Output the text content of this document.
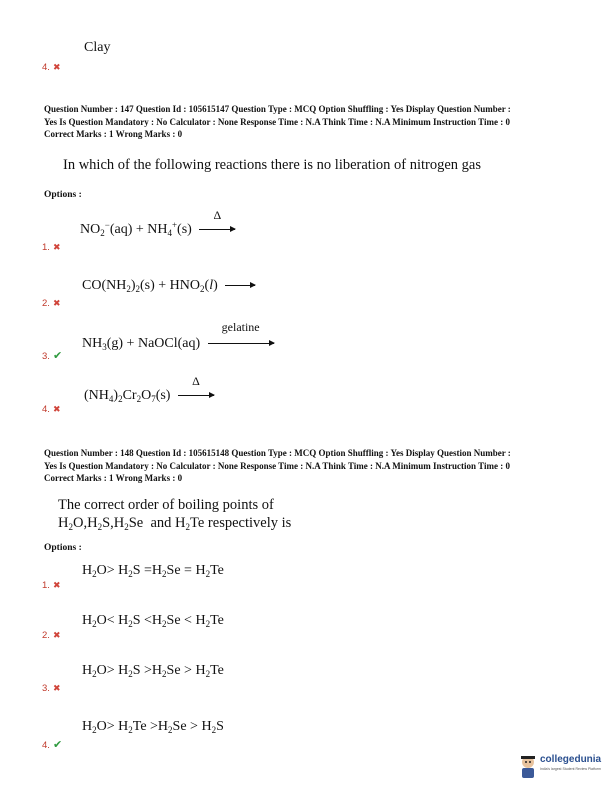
Clay
4. ✖
Question Number : 147 Question Id : 105615147 Question Type : MCQ Option Shuffling : Yes Display Question Number :
Yes Is Question Mandatory : No Calculator : None Response Time : N.A Think Time : N.A Minimum Instruction Time : 0
Correct Marks : 1 Wrong Marks : 0
In which of the following reactions there is no liberation of nitrogen gas
Options :
$NO_2^-(aq) + NH_4^+(s)$
Δ
1. ✖
$CO(NH_2)_2(s) + HNO_2(l)$ →
2. ✖
$NH_3(g)$ + NaOCl(aq)
gelatine
3. ✔
$(NH_4)_2Cr_2O_7(s)$
Δ
4. ✖
Question Number : 148 Question Id : 105615148 Question Type : MCQ Option Shuffling : Yes Display Question Number :
Yes Is Question Mandatory : No Calculator : None Response Time : N.A Think Time : N.A Minimum Instruction Time : 0
Correct Marks : 1 Wrong Marks : 0
The correct order of boiling points of
$H_2O,H_2S,H_2Se$  and $H_2Te$ respectively is
Options :
$H_2O> H_2S =H_2Se = H_2Te$
1. ✖
$H_2O< H_2S <H_2Se < H_2Te$
2. ✖
$H_2O> H_2S >H_2Se > H_2Te$
3. ✖
$H_2O> H_2Te >H_2Se > H_2S$
4. ✔
collegedunia
India's largest Student Review Platform
